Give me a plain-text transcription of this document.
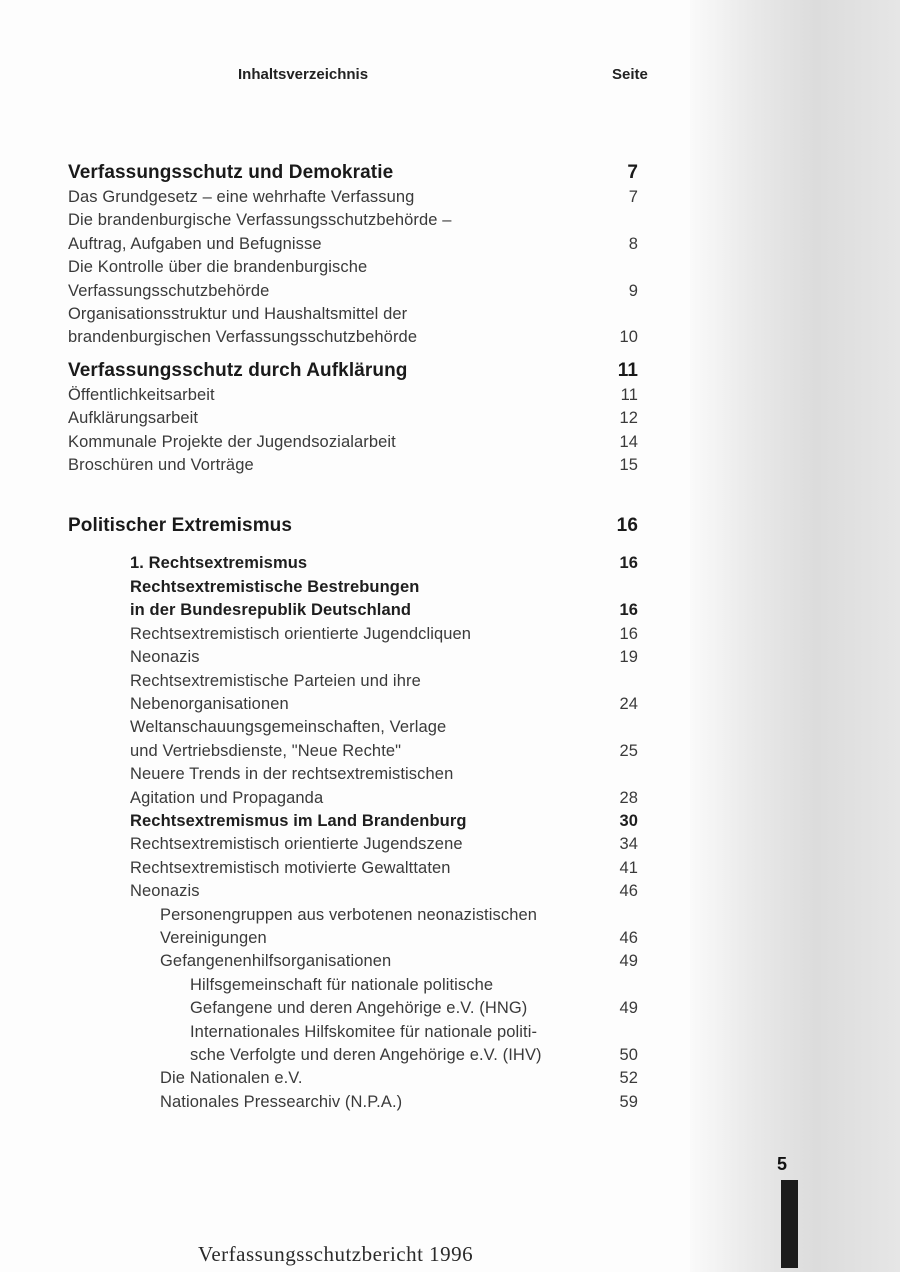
Inhaltsverzeichnis	Seite
Verfassungsschutz und Demokratie	7
Das Grundgesetz – eine wehrhafte Verfassung	7
Die brandenburgische Verfassungsschutzbehörde –
Auftrag, Aufgaben und Befugnisse	8
Die Kontrolle über die brandenburgische
Verfassungsschutzbehörde	9
Organisationsstruktur und Haushaltsmittel der
brandenburgischen Verfassungsschutzbehörde	10
Verfassungsschutz durch Aufklärung	11
Öffentlichkeitsarbeit	11
Aufklärungsarbeit	12
Kommunale Projekte der Jugendsozialarbeit	14
Broschüren und Vorträge	15
Politischer Extremismus	16
1. Rechtsextremismus	16
Rechtsextremistische Bestrebungen
in der Bundesrepublik Deutschland	16
Rechtsextremistisch orientierte Jugendcliquen	16
Neonazis	19
Rechtsextremistische Parteien und ihre
Nebenorganisationen	24
Weltanschauungsgemeinschaften, Verlage
und Vertriebsdienste, "Neue Rechte"	25
Neuere Trends in der rechtsextremistischen
Agitation und Propaganda	28
Rechtsextremismus im Land Brandenburg	30
Rechtsextremistisch orientierte Jugendszene	34
Rechtsextremistisch motivierte Gewalttaten	41
Neonazis	46
Personengruppen aus verbotenen neonazistischen
Vereinigungen	46
Gefangenenhilfsorganisationen	49
Hilfsgemeinschaft für nationale politische
Gefangene und deren Angehörige e.V. (HNG)	49
Internationales Hilfskomitee für nationale politi-
sche Verfolgte und deren Angehörige e.V. (IHV)	50
Die Nationalen e.V.	52
Nationales Pressearchiv (N.P.A.)	59
5
Verfassungsschutzbericht 1996
